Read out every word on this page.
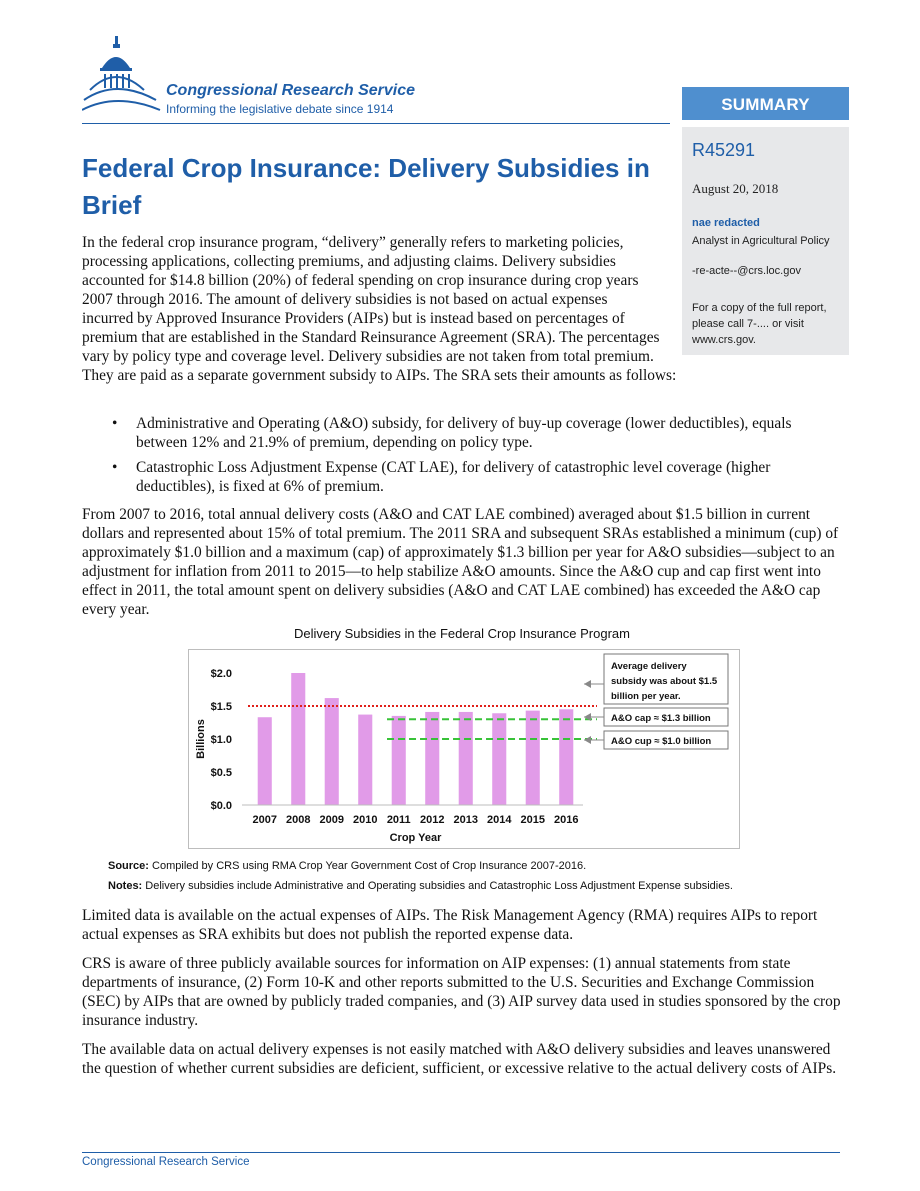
Congressional Research Service
Informing the legislative debate since 1914	SUMMARY
R45291
August 20, 2018
nae redacted
Analyst in Agricultural Policy
-re-acte--@crs.loc.gov
For a copy of the full report, please call 7-.... or visit www.crs.gov.
Federal Crop Insurance: Delivery Subsidies in Brief

In the federal crop insurance program, “delivery” generally refers to marketing policies, processing applications, collecting premiums, and adjusting claims. Delivery subsidies accounted for $14.8 billion (20%) of federal spending on crop insurance during crop years 2007 through 2016. The amount of delivery subsidies is not based on actual expenses incurred by Approved Insurance Providers (AIPs) but is instead based on percentages of premium that are established in the Standard Reinsurance Agreement (SRA). The percentages vary by policy type and coverage level. Delivery subsidies are not taken from total premium. They are paid as a separate government subsidy to AIPs. The SRA sets their amounts as follows:

• Administrative and Operating (A&O) subsidy, for delivery of buy-up coverage (lower deductibles), equals between 12% and 21.9% of premium, depending on policy type.
• Catastrophic Loss Adjustment Expense (CAT LAE), for delivery of catastrophic level coverage (higher deductibles), is fixed at 6% of premium.

From 2007 to 2016, total annual delivery costs (A&O and CAT LAE combined) averaged about $1.5 billion in current dollars and represented about 15% of total premium. The 2011 SRA and subsequent SRAs established a minimum (cup) of approximately $1.0 billion and a maximum (cap) of approximately $1.3 billion per year for A&O subsidies—subject to an adjustment for inflation from 2011 to 2015—to help stabilize A&O amounts. Since the A&O cup and cap first went into effect in 2011, the total amount spent on delivery subsidies (A&O and CAT LAE combined) has exceeded the A&O cap every year.

Delivery Subsidies in the Federal Crop Insurance Program
$0.0
$0.5
$1.0
$1.5
$2.0
Billions
2007 2008 2009 2010 2011 2012 2013 2014 2015 2016
Crop Year
Average delivery
subsidy was about $1.5
billion per year.
A&O cap ≈ $1.3 billion
A&O cup ≈ $1.0 billion
Source: Compiled by CRS using RMA Crop Year Government Cost of Crop Insurance 2007-2016.
Notes: Delivery subsidies include Administrative and Operating subsidies and Catastrophic Loss Adjustment Expense subsidies.

Limited data is available on the actual expenses of AIPs. The Risk Management Agency (RMA) requires AIPs to report actual expenses as SRA exhibits but does not publish the reported expense data.

CRS is aware of three publicly available sources for information on AIP expenses: (1) annual statements from state departments of insurance, (2) Form 10-K and other reports submitted to the U.S. Securities and Exchange Commission (SEC) by AIPs that are owned by publicly traded companies, and (3) AIP survey data used in studies sponsored by the crop insurance industry.

The available data on actual delivery expenses is not easily matched with A&O delivery subsidies and leaves unanswered the question of whether current subsidies are deficient, sufficient, or excessive relative to the actual delivery costs of AIPs.

Congressional Research Service
